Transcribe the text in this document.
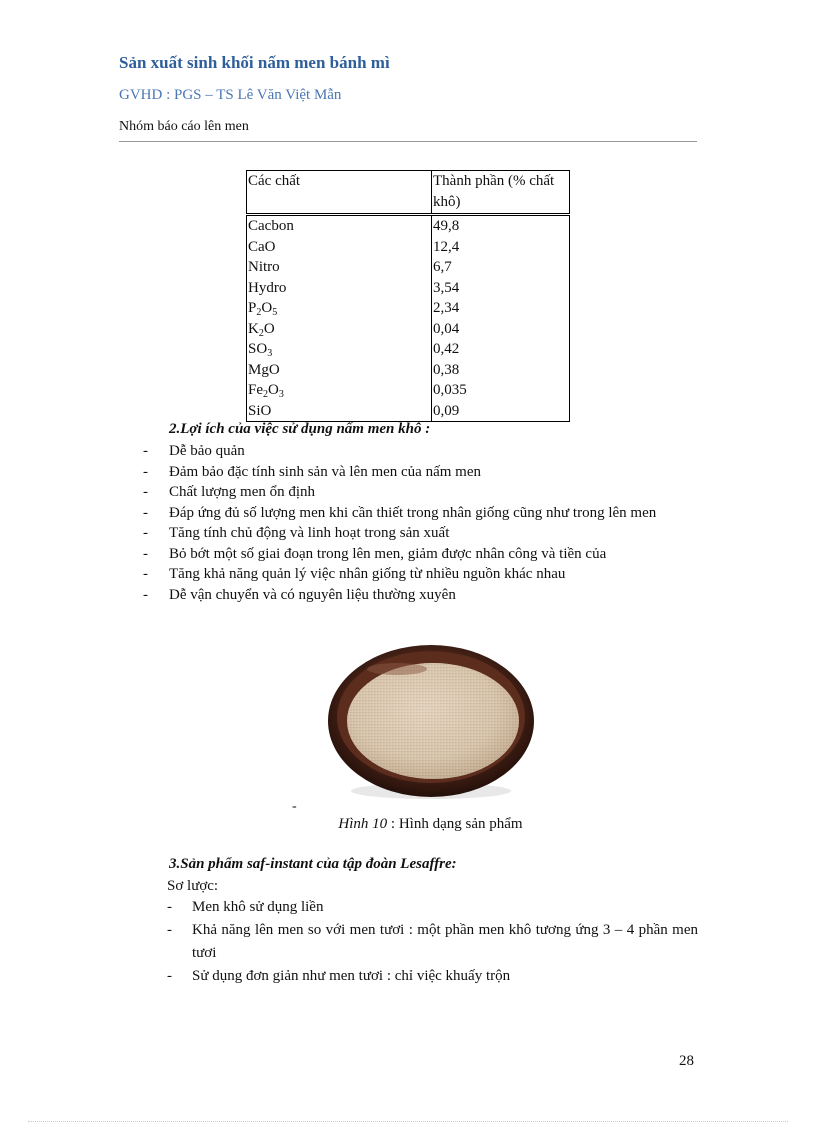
Sản xuất sinh khối nấm men bánh mì
GVHD : PGS – TS Lê Văn Việt Mẫn
Nhóm báo cáo lên men
Các chất	Thành phần (% chất khô)
Cacbon	49,8
CaO	12,4
Nitro	6,7
Hydro	3,54
$P_2O_5$	2,34
$K_2O$	0,04
$SO_3$	0,42
MgO	0,38
$Fe_2O_3$	0,035
SiO	0,09
2.Lợi ích của việc sử dụng nấm men khô :
- Dễ bảo quản
- Đảm bảo đặc tính sinh sản và lên men của nấm men
- Chất lượng men ổn định
- Đáp ứng đủ số lượng men khi cần thiết trong nhân giống cũng như trong lên men
- Tăng tính chủ động và linh hoạt trong sản xuất
- Bỏ bớt một số giai đoạn trong lên men, giảm được nhân công và tiền của
- Tăng khả năng quản lý việc nhân giống từ nhiều nguồn khác nhau
- Dễ vận chuyển và có nguyên liệu thường xuyên
-
Hình 10 : Hình dạng sản phẩm
3.Sản phẩm saf-instant của tập đoàn Lesaffre:
Sơ lược:
- Men khô sử dụng liền
- Khả năng lên men so với men tươi : một phần men khô tương ứng 3 – 4 phần men tươi
- Sử dụng đơn giản như men tươi : chỉ việc khuấy trộn
28
